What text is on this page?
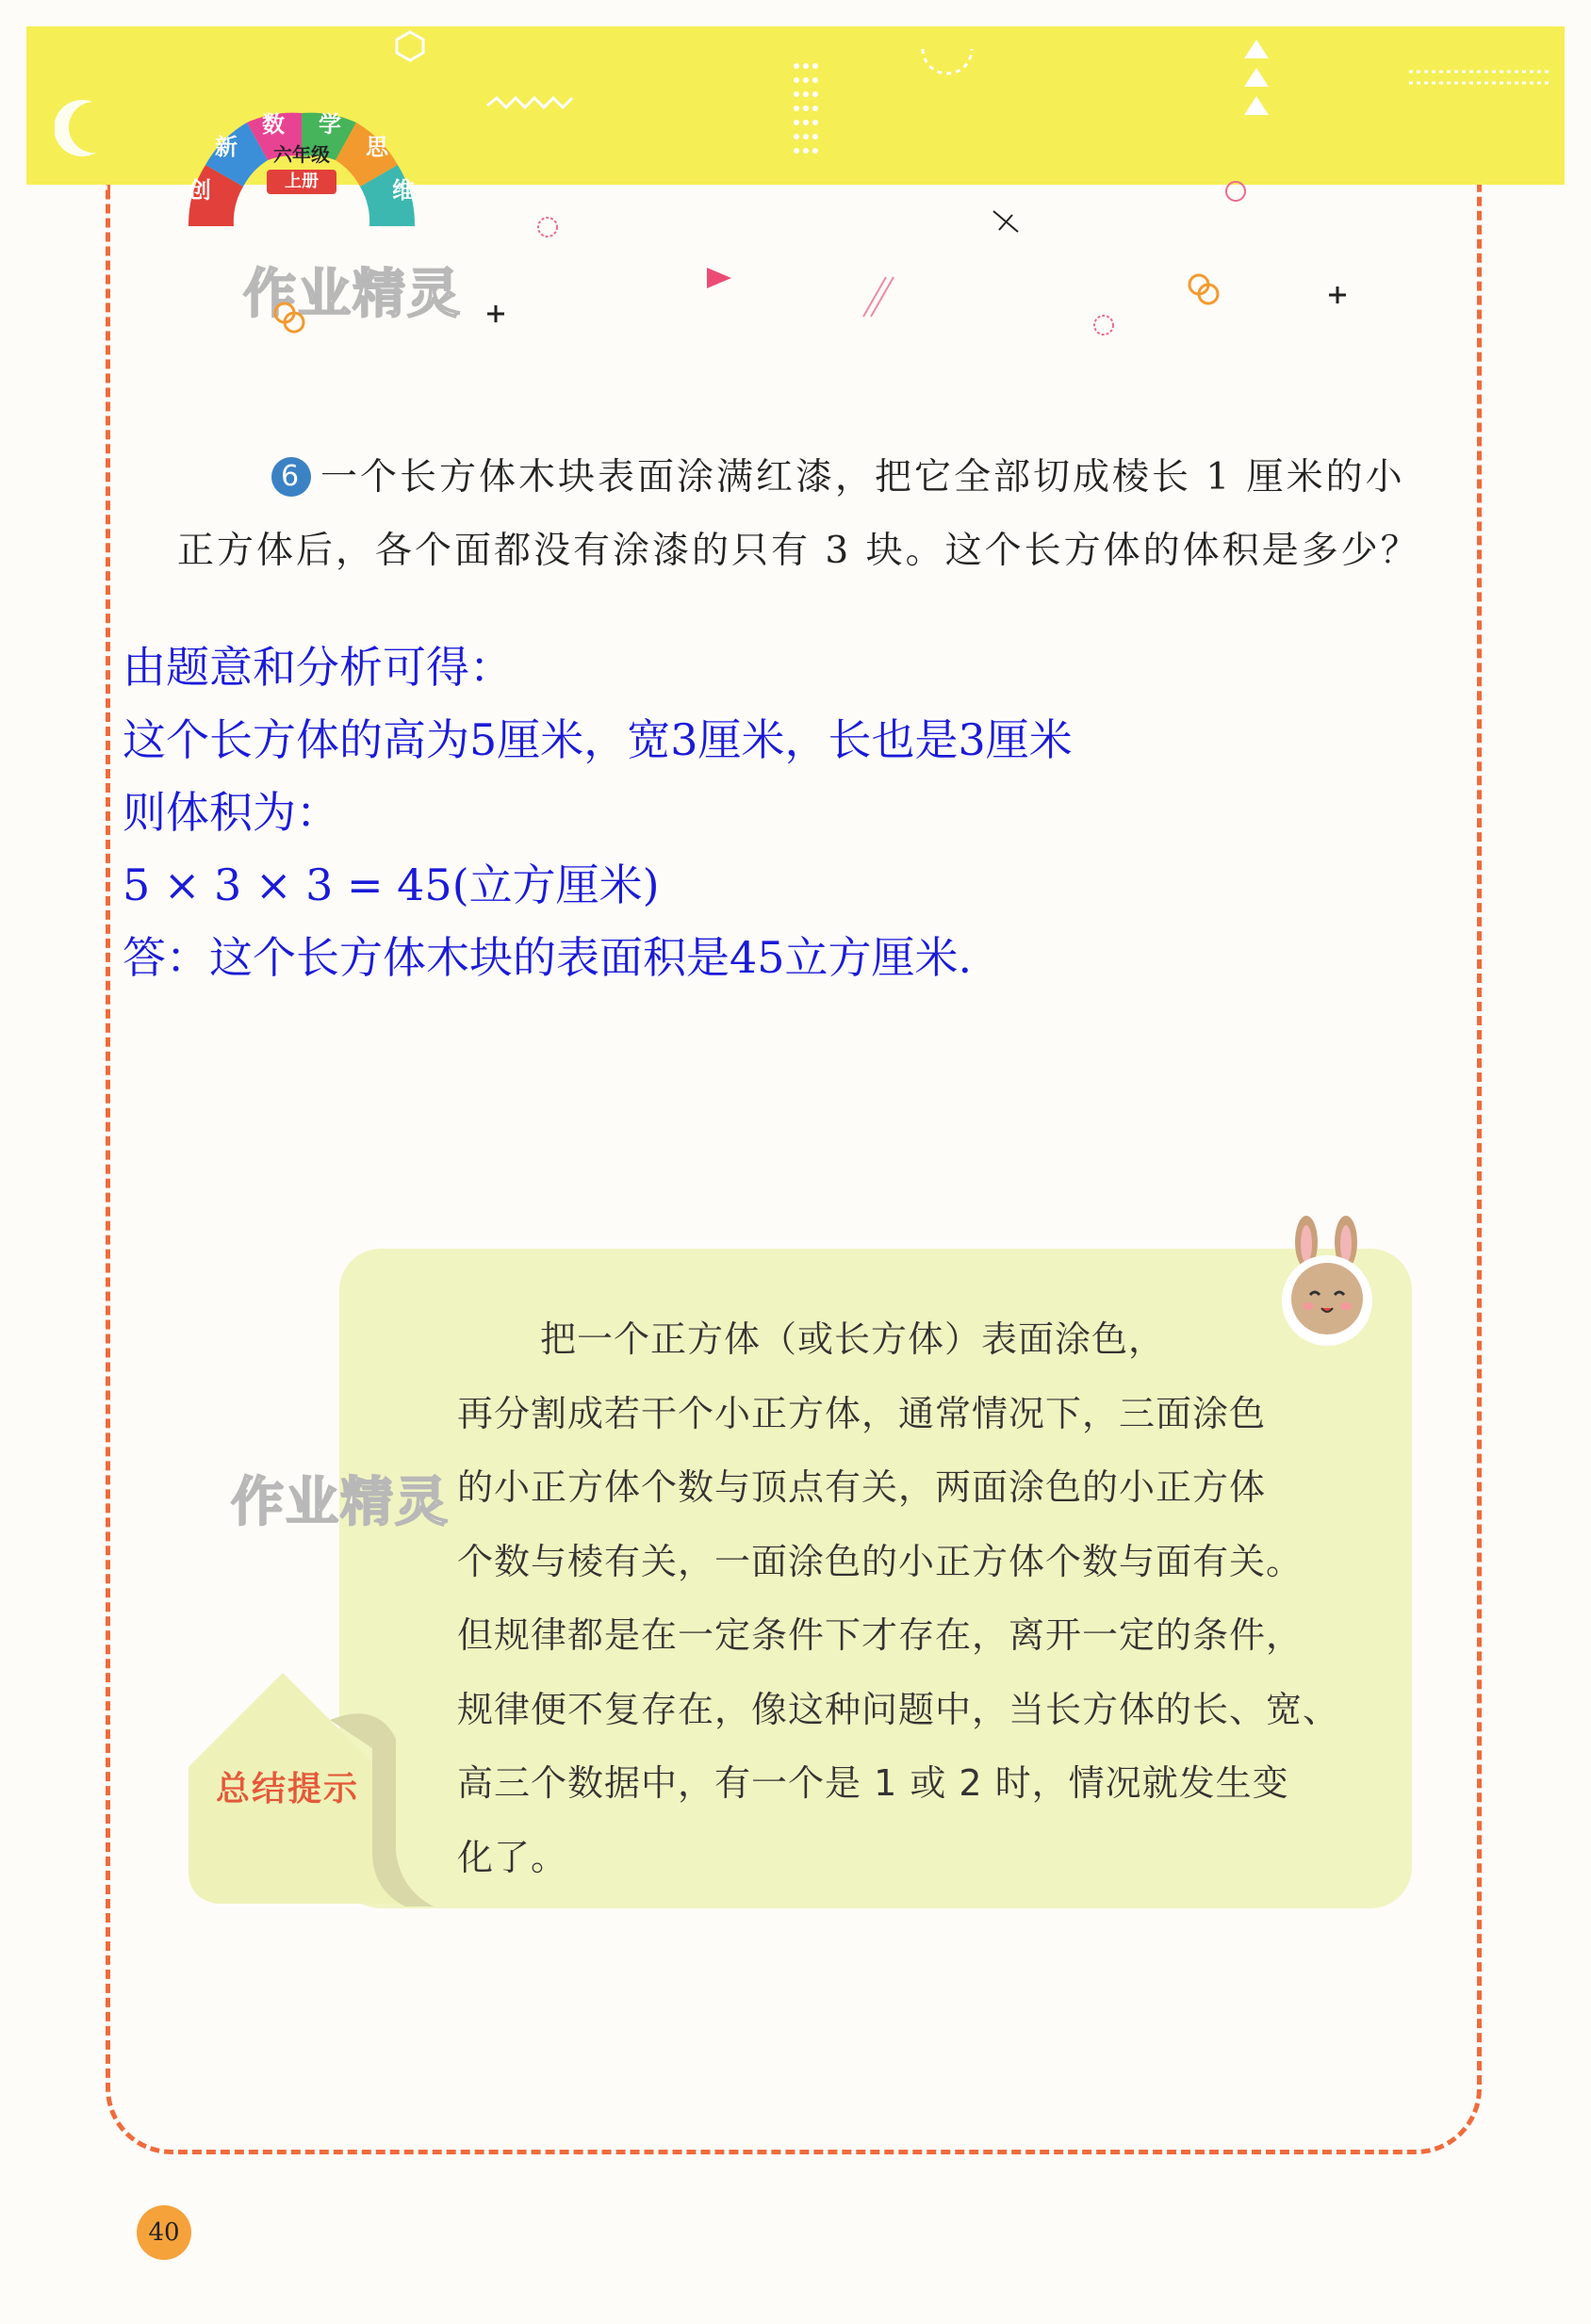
创
新
数	学
思
维
六年级
上册
作业精灵
6 一个长方体木块表面涂满红漆，把它全部切成棱长 1 厘米的小正方体后，各个面都没有涂漆的只有 3 块。这个长方体的体积是多少？
由题意和分析可得：
这个长方体的高为5厘米，宽3厘米，长也是3厘米
则体积为：
5 × 3 × 3 = 45(立方厘米)
答：这个长方体木块的表面积是45立方厘米.
总结提示
作业精灵
把一个正方体（或长方体）表面涂色，
再分割成若干个小正方体，通常情况下，三面涂色
的小正方体个数与顶点有关，两面涂色的小正方体
个数与棱有关，一面涂色的小正方体个数与面有关。
但规律都是在一定条件下才存在，离开一定的条件，
规律便不复存在，像这种问题中，当长方体的长、宽、
高三个数据中，有一个是 1 或 2 时，情况就发生变
化了。
40
